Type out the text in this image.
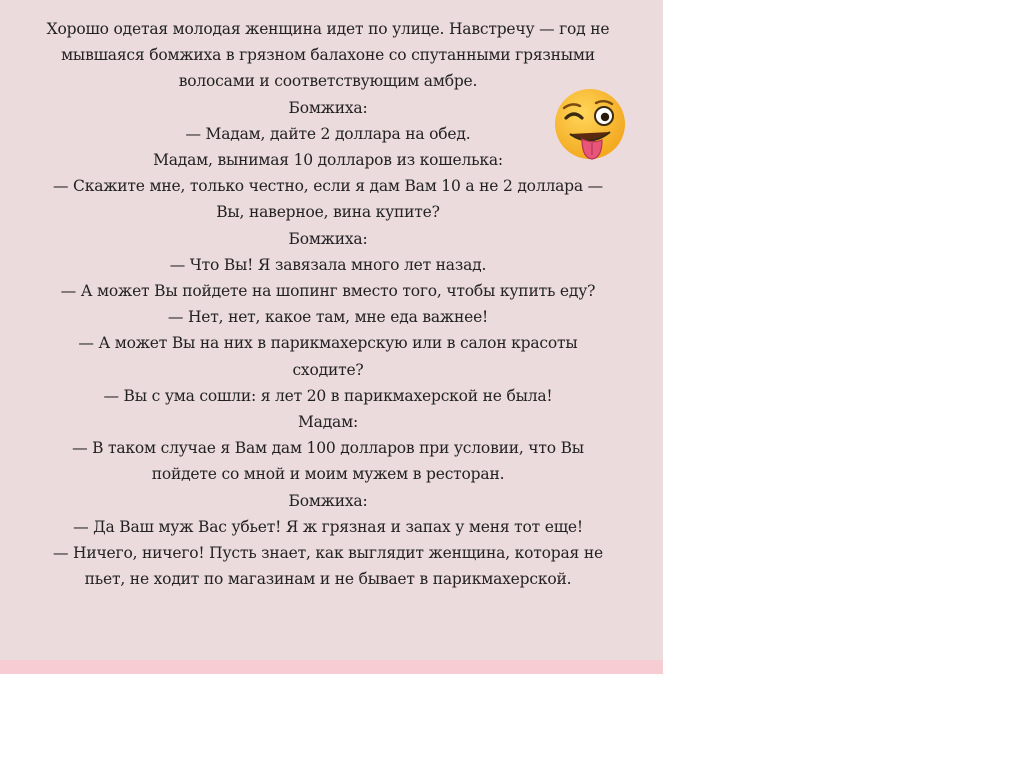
Хорошо одетая молодая женщина идет по улице. Навстречу — год не
мывшаяся бомжиха в грязном балахоне со спутанными грязными
волосами и соответствующим амбре.
Бомжиха:
— Мадам, дайте 2 доллара на обед.
Мадам, вынимая 10 долларов из кошелька:
— Скажите мне, только честно, если я дам Вам 10 а не 2 доллара —
Вы, наверное, вина купите?
Бомжиха:
— Что Вы! Я завязала много лет назад.
— А может Вы пойдете на шопинг вместо того, чтобы купить еду?
— Нет, нет, какое там, мне еда важнее!
— А может Вы на них в парикмахерскую или в салон красоты
сходите?
— Вы с ума сошли: я лет 20 в парикмахерской не была!
Мадам:
— В таком случае я Вам дам 100 долларов при условии, что Вы
пойдете со мной и моим мужем в ресторан.
Бомжиха:
— Да Ваш муж Вас убьет! Я ж грязная и запах у меня тот еще!
— Ничего, ничего! Пусть знает, как выглядит женщина, которая не
пьет, не ходит по магазинам и не бывает в парикмахерской.
